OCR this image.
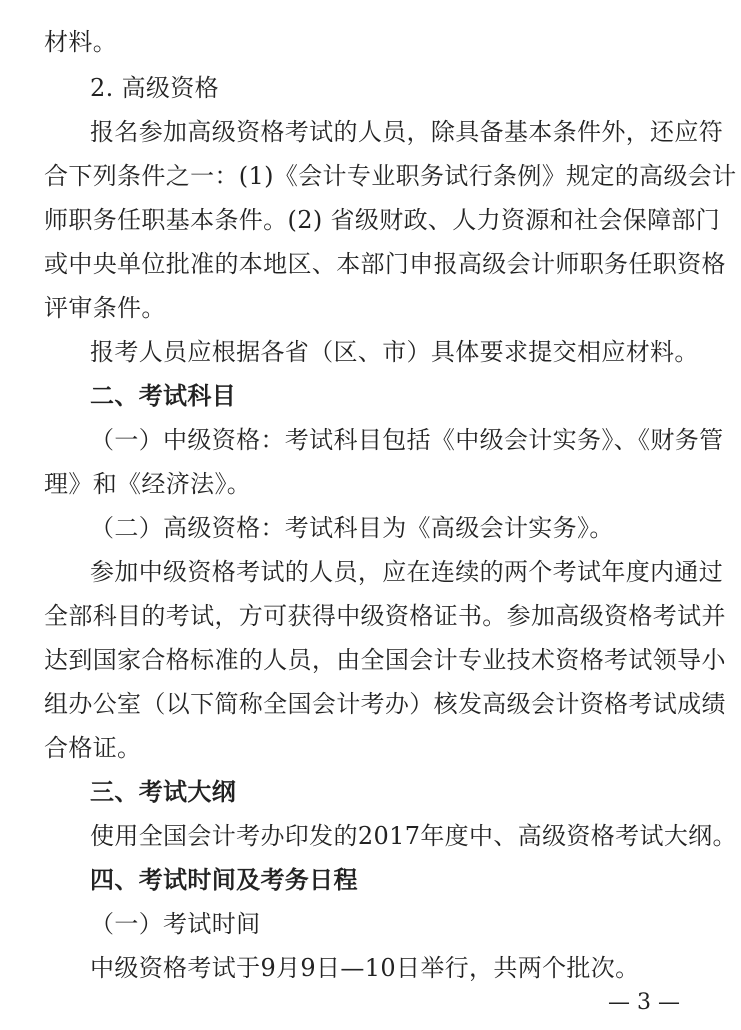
材料。
2. 高级资格
报名参加高级资格考试的人员，除具备基本条件外，还应符
合下列条件之一：(1)《会计专业职务试行条例》规定的高级会计
师职务任职基本条件。(2) 省级财政、人力资源和社会保障部门
或中央单位批准的本地区、本部门申报高级会计师职务任职资格
评审条件。
报考人员应根据各省（区、市）具体要求提交相应材料。
二、考试科目
（一）中级资格：考试科目包括《中级会计实务》、《财务管
理》和《经济法》。
（二）高级资格：考试科目为《高级会计实务》。
参加中级资格考试的人员，应在连续的两个考试年度内通过
全部科目的考试，方可获得中级资格证书。参加高级资格考试并
达到国家合格标准的人员，由全国会计专业技术资格考试领导小
组办公室（以下简称全国会计考办）核发高级会计资格考试成绩
合格证。
三、考试大纲
使用全国会计考办印发的2017年度中、高级资格考试大纲。
四、考试时间及考务日程
（一）考试时间
中级资格考试于9月9日—10日举行，共两个批次。
— 3 —
